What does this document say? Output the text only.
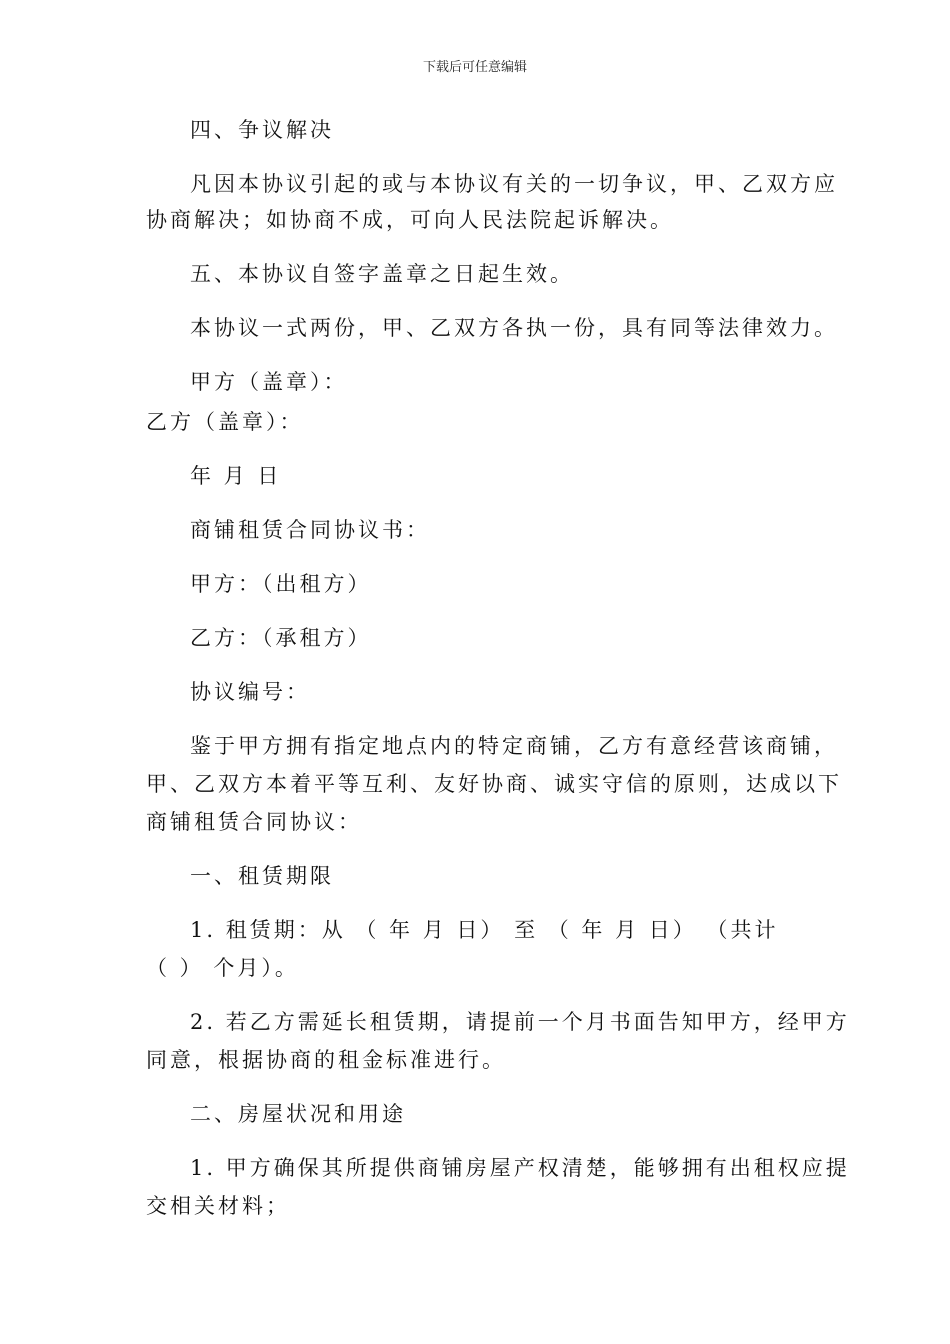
下载后可任意编辑
四、争议解决
凡因本协议引起的或与本协议有关的一切争议，甲、乙双方应
协商解决；如协商不成，可向人民法院起诉解决。
五、本协议自签字盖章之日起生效。
本协议一式两份，甲、乙双方各执一份，具有同等法律效力。
甲方（盖章）：
乙方（盖章）：
年 月 日
商铺租赁合同协议书：
甲方：（出租方）
乙方：（承租方）
协议编号：
鉴于甲方拥有指定地点内的特定商铺，乙方有意经营该商铺，
甲、乙双方本着平等互利、友好协商、诚实守信的原则，达成以下
商铺租赁合同协议：
一、租赁期限
1. 租赁期：从 （ 年 月 日） 至 （ 年 月 日） （共计
（ ） 个月）。
2. 若乙方需延长租赁期，请提前一个月书面告知甲方，经甲方
同意，根据协商的租金标准进行。
二、房屋状况和用途
1. 甲方确保其所提供商铺房屋产权清楚，能够拥有出租权应提
交相关材料；
